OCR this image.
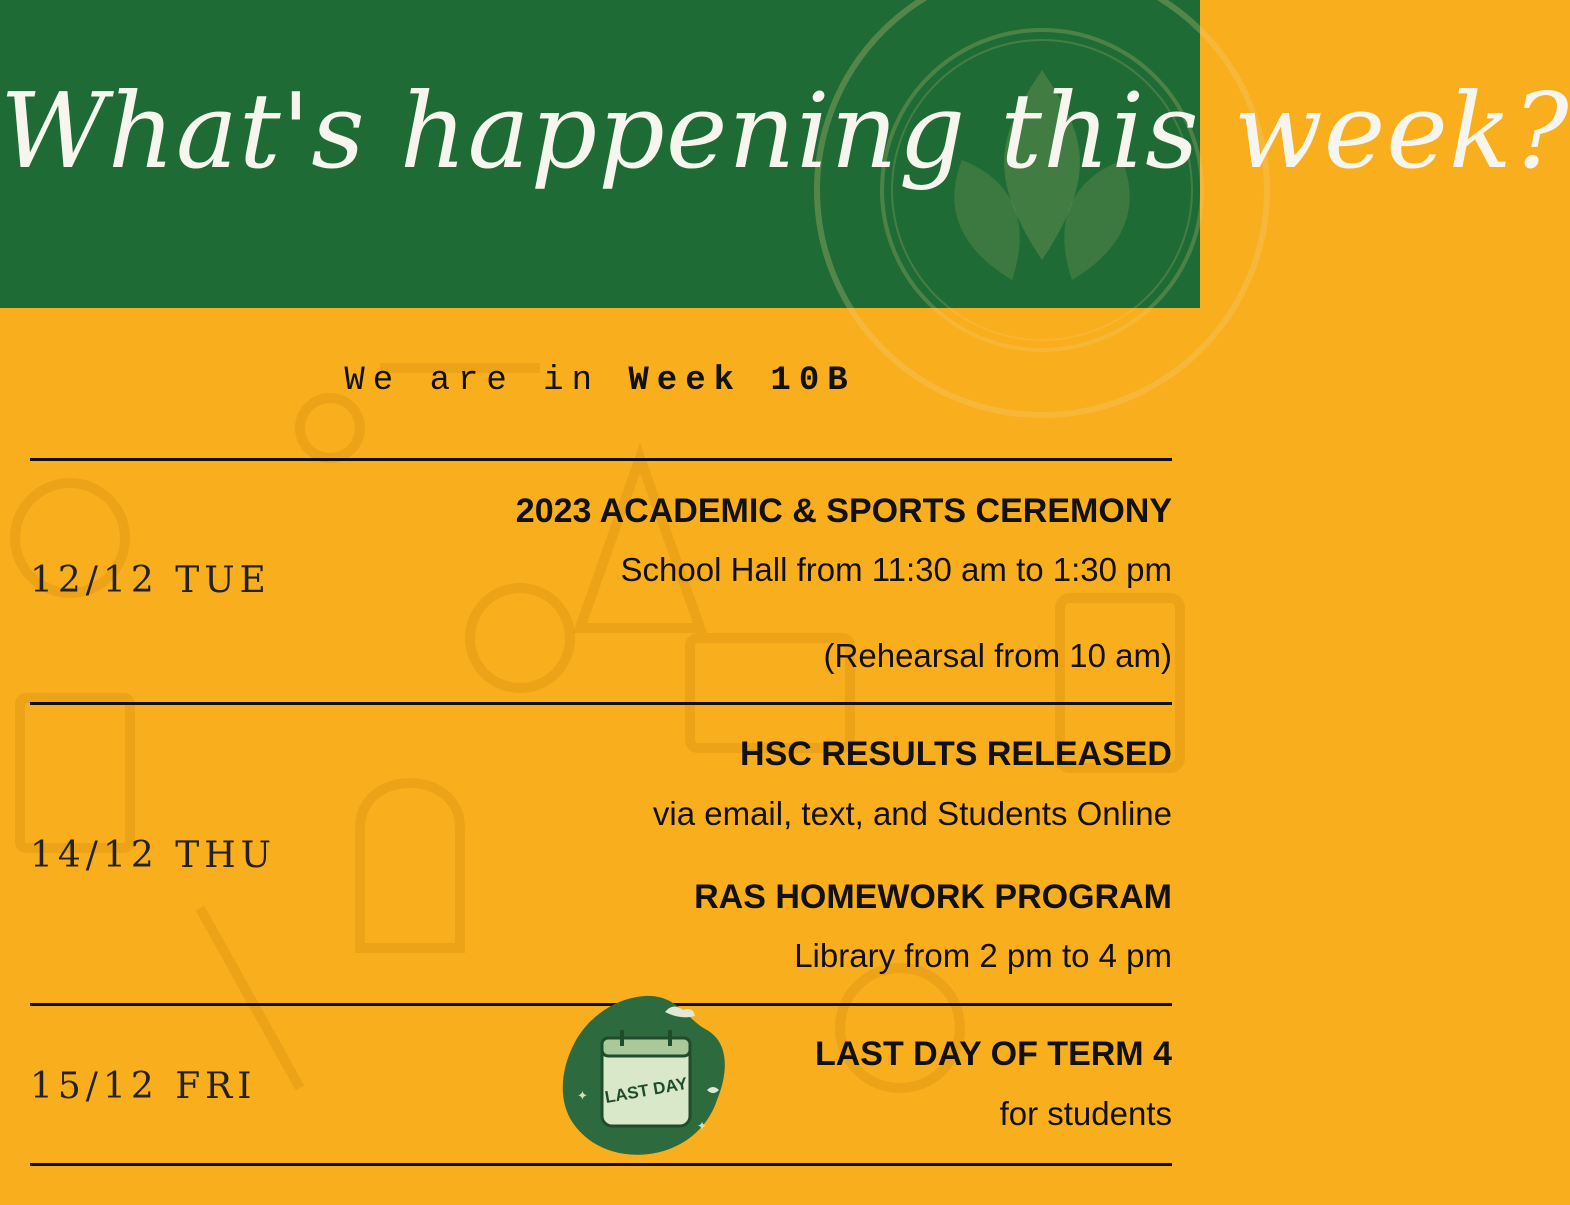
What's happening this week?
We are in Week 10B
12/12 TUE
2023 ACADEMIC & SPORTS CEREMONY
School Hall from 11:30 am to 1:30 pm
(Rehearsal from 10 am)
14/12 THU
HSC RESULTS RELEASED
via email, text, and Students Online
RAS HOMEWORK PROGRAM
Library from 2 pm to 4 pm
✦
✦
LAST DAY
15/12 FRI
LAST DAY OF TERM 4
for students
